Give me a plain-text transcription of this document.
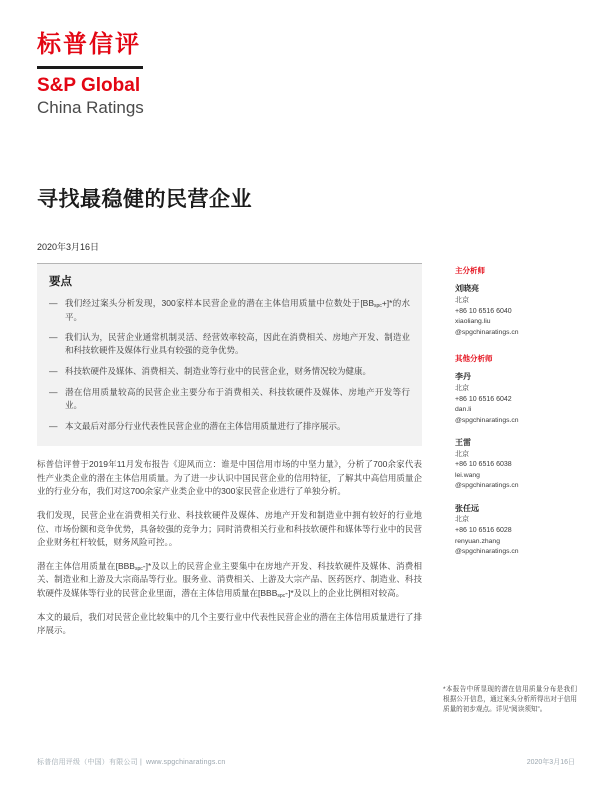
标普信评
S&P Global
China Ratings
寻找最稳健的民营企业
2020年3月16日
要点
— 我们经过案头分析发现，300家样本民营企业的潜在主体信用质量中位数处于$[BB_{spc}+]*$的水平。
— 我们认为，民营企业通常机制灵活、经营效率较高，因此在消费相关、房地产开发、制造业和科技软硬件及媒体行业具有较强的竞争优势。
— 科技软硬件及媒体、消费相关、制造业等行业中的民营企业，财务情况较为健康。
— 潜在信用质量较高的民营企业主要分布于消费相关、科技软硬件及媒体、房地产开发等行业。
— 本文最后对部分行业代表性民营企业的潜在主体信用质量进行了排序展示。

标普信评曾于2019年11月发布报告《迎风而立：谁是中国信用市场的中坚力量》，分析了700余家代表性产业类企业的潜在主体信用质量。为了进一步认识中国民营企业的信用特征，了解其中高信用质量企业的行业分布，我们对这700余家产业类企业中的300家民营企业进行了单独分析。

我们发现，民营企业在消费相关行业、科技软硬件及媒体、房地产开发和制造业中拥有较好的行业地位、市场份额和竞争优势，具备较强的竞争力；同时消费相关行业和科技软硬件和媒体等行业中的民营企业财务杠杆较低，财务风险可控。。

潜在主体信用质量在$[BBB_{spc}-]*$及以上的民营企业主要集中在房地产开发、科技软硬件及媒体、消费相关、制造业和上游及大宗商品等行业。服务业、消费相关、上游及大宗产品、医药医疗、制造业、科技软硬件及媒体等行业的民营企业里面，潜在主体信用质量在$[BBB_{spc}-]*$及以上的企业比例相对较高。

本文的最后，我们对民营企业比较集中的几个主要行业中代表性民营企业的潜在主体信用质量进行了排序展示。

主分析师
刘晓亮
北京
+86 10 6516 6040
xiaoliang.liu
@spgchinaratings.cn
其他分析师
李丹
北京
+86 10 6516 6042
dan.li
@spgchinaratings.cn
王雷
北京
+86 10 6516 6038
lei.wang
@spgchinaratings.cn
张任远
北京
+86 10 6516 6028
renyuan.zhang
@spgchinaratings.cn
*本报告中所显现的潜在信用质量分布是我们根据公开信息，通过案头分析所得出对于信用质量的初步观点。详见“阅读须知”。
标普信用评级（中国）有限公司 | www.spgchinaratings.cn	2020年3月16日
